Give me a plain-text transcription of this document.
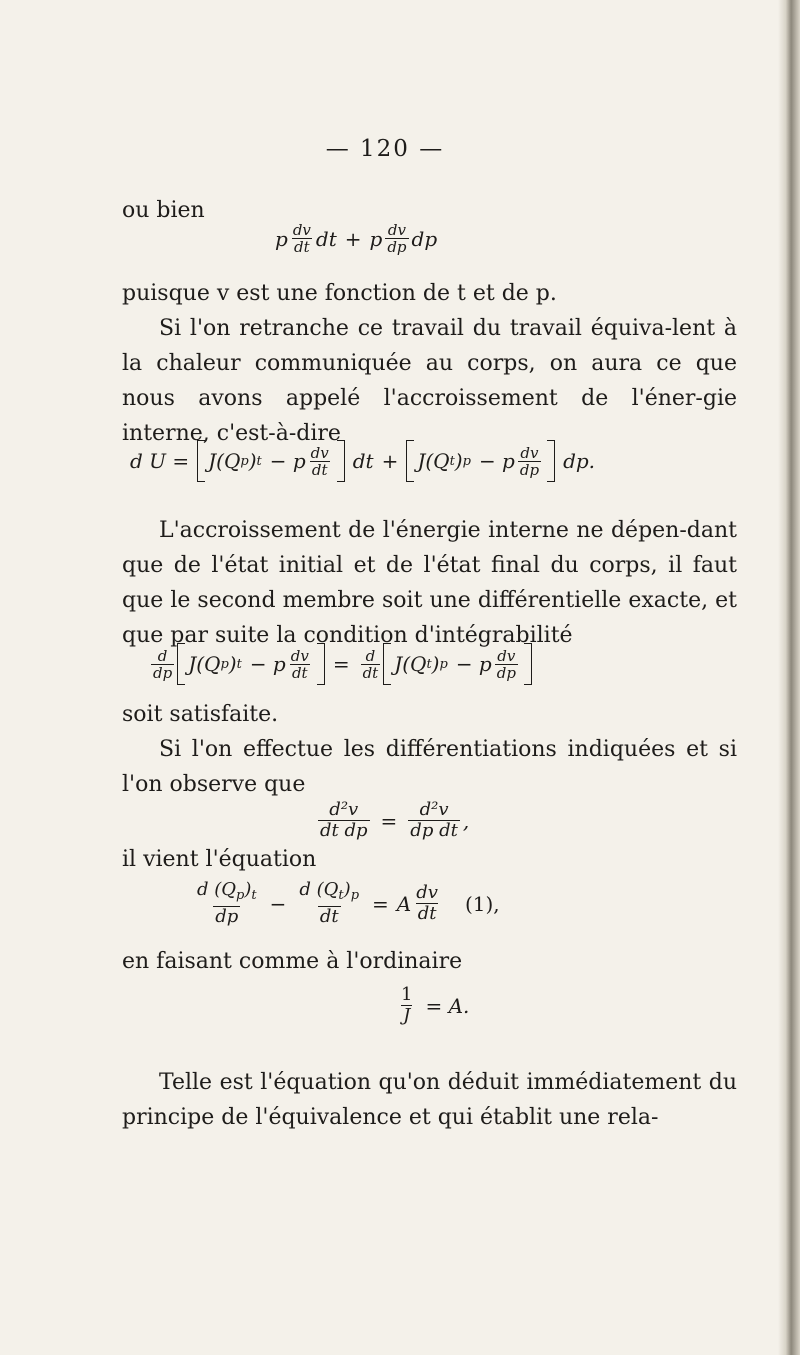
— 120 —

ou bien

p $\frac{dv}{dt}$ dt + p $\frac{dv}{dp}$ dp

puisque v est une fonction de t et de p.

Si l'on retranche ce travail du travail équiva-lent à la chaleur communiquée au corps, on aura ce que nous avons appelé l'accroissement de l'éner-gie interne, c'est-à-dire

d U = J(Q p ) t − p $\frac{dv}{dt}$ dt + J(Q t ) p − p $\frac{dv}{dp}$ dp.

L'accroissement de l'énergie interne ne dépen-dant que de l'état initial et de l'état final du corps, il faut que le second membre soit une différentielle exacte, et que par suite la condition d'intégrabilité

$\frac{d}{dp} J(Q$ p ) t − p $\frac{dv}{dt} = \frac{d}{dt} J(Q$ t ) p − p $\frac{dv}{dp}$

soit satisfaite.

Si l'on effectue les différentiations indiquées et si l'on observe que

$\frac{\text{d²v}}{\text{dt dp}} = \frac{\text{d²v}}{\text{dp dt}}$ ,

il vient l'équation

$\frac{d (Q_p)_t}{dp} - \frac{d (Q_t)_p}{dt} = A \frac{dv}{dt} (1)$,

en faisant comme à l'ordinaire

$\frac{1}{J} = A$.

Telle est l'équation qu'on déduit immédiatement du principe de l'équivalence et qui établit une rela-
